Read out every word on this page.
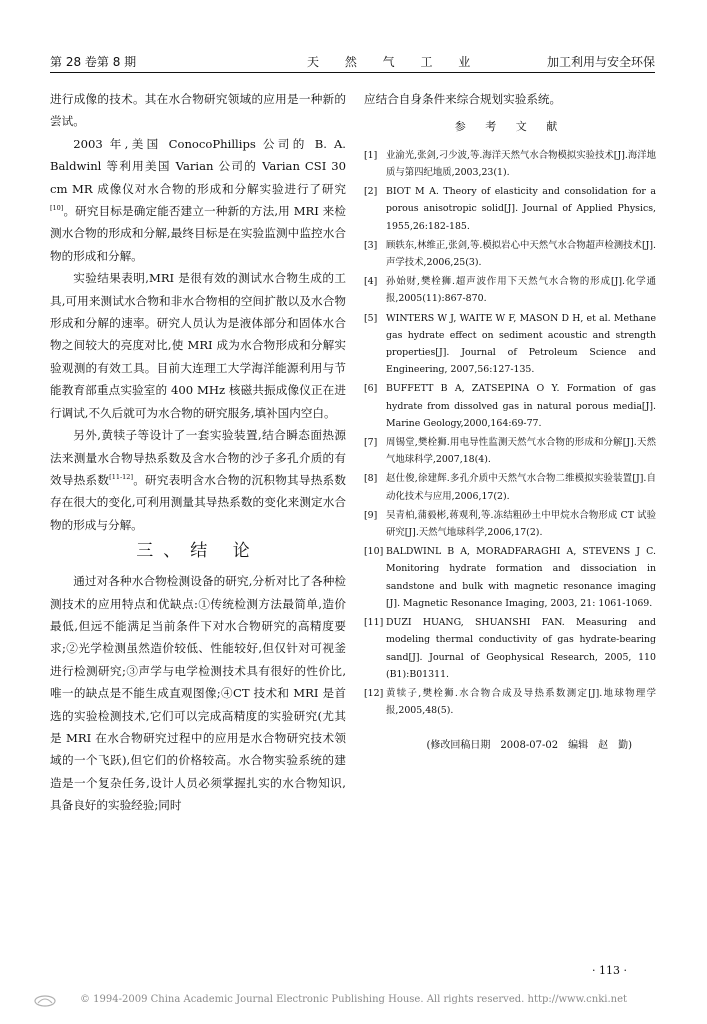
第 28 卷第 8 期	天 然 气 工 业	加工利用与安全环保

进行成像的技术。其在水合物研究领域的应用是一种新的尝试。

2003 年,美国 ConocoPhillips 公司的 B. A. Baldwinl 等利用美国 Varian 公司的 Varian CSI 30 cm MR 成像仪对水合物的形成和分解实验进行了研究[10]。研究目标是确定能否建立一种新的方法,用 MRI 来检测水合物的形成和分解,最终目标是在实验监测中监控水合物的形成和分解。

实验结果表明,MRI 是很有效的测试水合物生成的工具,可用来测试水合物和非水合物相的空间扩散以及水合物形成和分解的速率。研究人员认为是液体部分和固体水合物之间较大的亮度对比,使 MRI 成为水合物形成和分解实验观测的有效工具。目前大连理工大学海洋能源利用与节能教育部重点实验室的 400 MHz 核磁共振成像仪正在进行调试,不久后就可为水合物的研究服务,填补国内空白。

另外,黄犊子等设计了一套实验装置,结合瞬态面热源法来测量水合物导热系数及含水合物的沙子多孔介质的有效导热系数[11-12]。研究表明含水合物的沉积物其导热系数存在很大的变化,可利用测量其导热系数的变化来测定水合物的形成与分解。

三、结 论

通过对各种水合物检测设备的研究,分析对比了各种检测技术的应用特点和优缺点:①传统检测方法最简单,造价最低,但远不能满足当前条件下对水合物研究的高精度要求;②光学检测虽然造价较低、性能较好,但仅针对可视釜进行检测研究;③声学与电学检测技术具有很好的性价比,唯一的缺点是不能生成直观图像;④CT 技术和 MRI 是首选的实验检测技术,它们可以完成高精度的实验研究(尤其是 MRI 在水合物研究过程中的应用是水合物研究技术领域的一个飞跃),但它们的价格较高。水合物实验系统的建造是一个复杂任务,设计人员必须掌握扎实的水合物知识,具备良好的实验经验;同时

应结合自身条件来综合规划实验系统。

参 考 文 献
[1] 业渝光,张剑,刁少波,等.海洋天然气水合物模拟实验技术[J].海洋地质与第四纪地质,2003,23(1).
[2] BIOT M A. Theory of elasticity and consolidation for a porous anisotropic solid[J]. Journal of Applied Physics, 1955,26:182-185.
[3] 顾轶东,林维正,张剑,等.模拟岩心中天然气水合物超声检测技术[J].声学技术,2006,25(3).
[4] 孙始财,樊栓狮.超声波作用下天然气水合物的形成[J].化学通报,2005(11):867-870.
[5] WINTERS W J, WAITE W F, MASON D H, et al. Methane gas hydrate effect on sediment acoustic and strength properties[J]. Journal of Petroleum Science and Engineering, 2007,56:127-135.
[6] BUFFETT B A, ZATSEPINA O Y. Formation of gas hydrate from dissolved gas in natural porous media[J]. Marine Geology,2000,164:69-77.
[7] 周锡堂,樊栓狮.用电导性监测天然气水合物的形成和分解[J].天然气地球科学,2007,18(4).
[8] 赵仕俊,徐建辉.多孔介质中天然气水合物二维模拟实验装置[J].自动化技术与应用,2006,17(2).
[9] 吴青柏,蒲毅彬,蒋观利,等.冻结粗砂土中甲烷水合物形成 CT 试验研究[J].天然气地球科学,2006,17(2).
[10] BALDWINL B A, MORADFARAGHI A, STEVENS J C. Monitoring hydrate formation and dissociation in sandstone and bulk with magnetic resonance imaging [J]. Magnetic Resonance Imaging, 2003, 21: 1061-1069.
[11] DUZI HUANG, SHUANSHI FAN. Measuring and modeling thermal conductivity of gas hydrate-bearing sand[J]. Journal of Geophysical Research, 2005, 110 (B1):B01311.
[12] 黄犊子,樊栓狮.水合物合成及导热系数测定[J].地球物理学报,2005,48(5).
(修改回稿日期　2008-07-02　编辑　赵　勤)
· 113 ·
© 1994-2009 China Academic Journal Electronic Publishing House. All rights reserved. http://www.cnki.net
